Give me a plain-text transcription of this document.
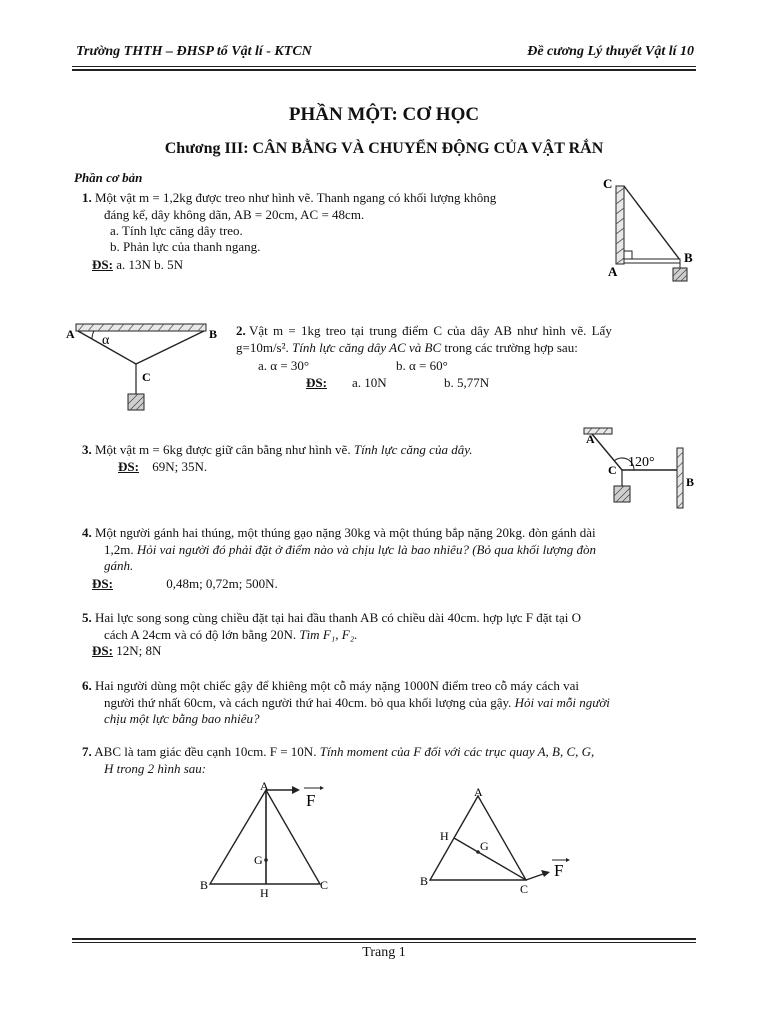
Trường THTH – ĐHSP tổ Vật lí - KTCN	Đề cương Lý thuyết Vật lí 10
PHẦN MỘT: CƠ HỌC
Chương III: CÂN BẰNG VÀ CHUYỂN ĐỘNG CỦA VẬT RẮN
Phần cơ bản
1. Một vật m = 1,2kg được treo như hình vẽ. Thanh ngang có khối lượng không
đáng kể, dây không dãn, AB = 20cm, AC = 48cm.
a. Tính lực căng dây treo.
b. Phản lực của thanh ngang.
ĐS: a. 13N b. 5N
C
A
B
A	B
C
α
2. Vật m = 1kg treo tại trung điểm C của dây AB như hình vẽ. Lấy
g=10m/s². Tính lực căng dây AC và BC trong các trường hợp sau:
a. α = 30°	b. α = 60°
ĐS: a. 10N	b. 5,77N
3. Một vật m = 6kg được giữ cân bằng như hình vẽ. Tính lực căng của dây.
ĐS: 69N; 35N.
A
C
B
120°
4. Một người gánh hai thúng, một thúng gạo nặng 30kg và một thúng bắp nặng 20kg. đòn gánh dài
1,2m. Hỏi vai người đó phải đặt ở điểm nào và chịu lực là bao nhiêu? (Bỏ qua khối lượng đòn
gánh.
ĐS:	0,48m; 0,72m; 500N.
5. Hai lực song song cùng chiều đặt tại hai đầu thanh AB có chiều dài 40cm. hợp lực F đặt tại O
cách A 24cm và có độ lớn bằng 20N. Tìm F₁, F₂.
ĐS: 12N; 8N
6. Hai người dùng một chiếc gậy để khiêng một cỗ máy nặng 1000N điểm treo cỗ máy cách vai
người thứ nhất 60cm, và cách người thứ hai 40cm. bỏ qua khối lượng của gậy. Hỏi vai mỗi người
chịu một lực bằng bao nhiêu?
7. ABC là tam giác đều cạnh 10cm. F = 10N. Tính moment của F đối với các trục quay A, B, C, G,
H trong 2 hình sau:
A
B	C
G
H
F	A
B
C
G
H
F
Trang 1
